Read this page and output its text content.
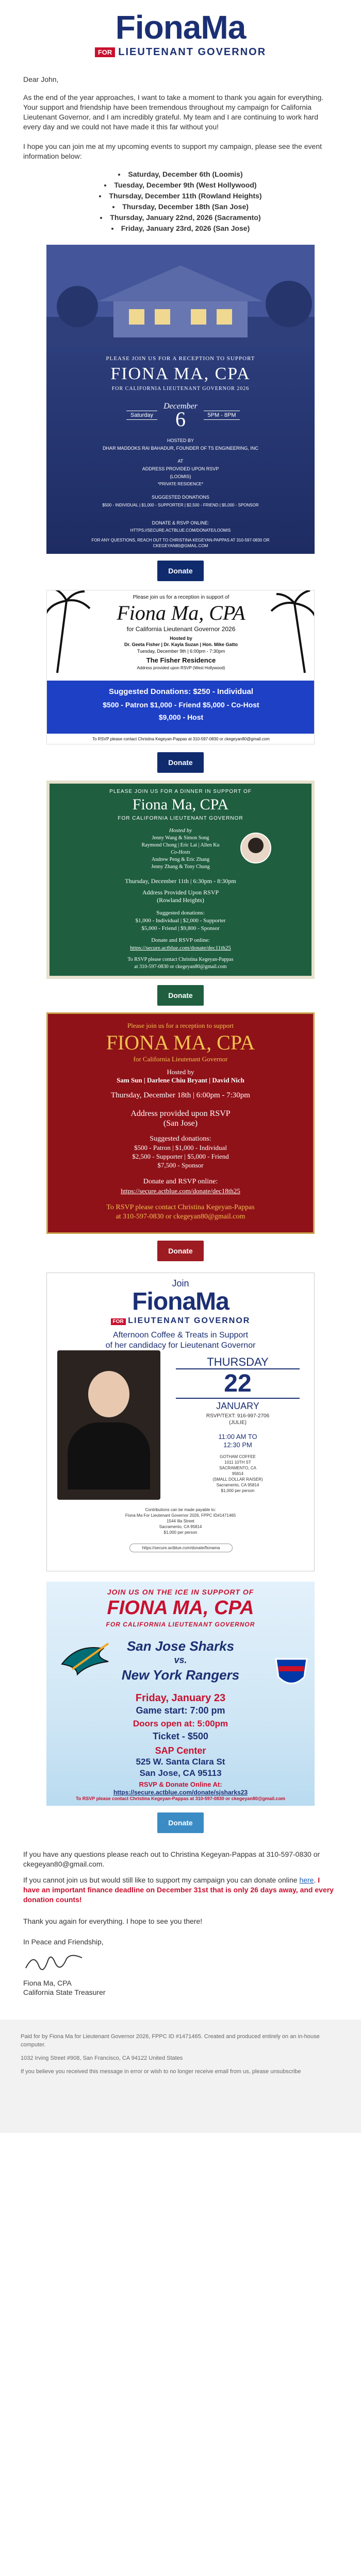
FionaMa
FOR LIEUTENANT GOVERNOR

Dear John,

As the end of the year approaches, I want to take a moment to thank you again for everything. Your support and friendship have been tremendous throughout my campaign for California Lieutenant Governor, and I am incredibly grateful. My team and I are continuing to work hard every day and we could not have made it this far without you!

I hope you can join me at my upcoming events to support my campaign, please see the event information below:

• Saturday, December 6th (Loomis)
• Tuesday, December 9th (West Hollywood)
• Thursday, December 11th (Rowland Heights)
• Thursday, December 18th (San Jose)
• Thursday, January 22nd, 2026 (Sacramento)
• Friday, January 23rd, 2026 (San Jose)
PLEASE JOIN US FOR A RECEPTION TO SUPPORT
FIONA MA, CPA
FOR CALIFORNIA LIEUTENANT GOVERNOR 2026
December
Saturday	6	5PM - 8PM
HOSTED BY
DHAR MADDOKS RAI BAHADUR, FOUNDER OF TS ENGINEERING, INC
AT
ADDRESS PROVIDED UPON RSVP
(LOOMIS)
*PRIVATE RESIDENCE*
SUGGESTED DONATIONS
$500 - INDIVIDUAL | $1,000 - SUPPORTER | $2,500 - FRIEND | $5,000 - SPONSOR
DONATE & RSVP ONLINE:
HTTPS://SECURE.ACTBLUE.COM/DONATE/LOOMIS
FOR ANY QUESTIONS, REACH OUT TO CHRISTINA KEGEYAN-PAPPAS AT 310-597-0830 OR CKEGEYAN80@GMAIL.COM
Donate
Please join us for a reception in support of
Fiona Ma, CPA
for California Lieutenant Governor 2026
Hosted by
Dr. Geeta Fisher | Dr. Kayla Suzan | Hon. Mike Gatto
Tuesday, December 9th | 6:00pm - 7:30pm
The Fisher Residence
Address provided upon RSVP (West Hollywood)
Suggested Donations: $250 - Individual
$500 - Patron $1,000 - Friend $5,000 - Co-Host
$9,000 - Host
To RSVP please contact Christina Kegeyan-Pappas at 310-597-0830 or ckegeyan80@gmail.com
Donate
PLEASE JOIN US FOR A DINNER IN SUPPORT OF
Fiona Ma, CPA
FOR CALIFORNIA LIEUTENANT GOVERNOR
Hosted by
Jenny Wang & Simon Song
Raymond Chong | Eric Lai | Allen Ku
Co-Hosts
Andrew Peng & Eric Zhang
Jenny Zhang & Tony Chung
Thursday, December 11th | 6:30pm - 8:30pm
Address Provided Upon RSVP
(Rowland Heights)
Suggested donations:
$1,000 - Individual | $2,000 - Supporter
$5,000 - Friend | $9,800 - Sponsor
Donate and RSVP online:
https://secure.actblue.com/donate/dec11th25
To RSVP please contact Christina Kegeyan-Pappas
at 310-597-0830 or ckegeyan80@gmail.com
Donate
Please join us for a reception to support
FIONA MA, CPA
for California Lieutenant Governor
Hosted by
Sam Sun | Darlene Chiu Bryant | David Nich
Thursday, December 18th | 6:00pm - 7:30pm
Address provided upon RSVP
(San Jose)
Suggested donations:
$500 - Patron | $1,000 - Individual
$2,500 - Supporter | $5,000 - Friend
$7,500 - Sponsor
Donate and RSVP online:
https://secure.actblue.com/donate/dec18th25
To RSVP please contact Christina Kegeyan-Pappas
at 310-597-0830 or ckegeyan80@gmail.com
Donate
Join
FionaMa
FOR LIEUTENANT GOVERNOR
Afternoon Coffee & Treats in Support
of her candidacy for Lieutenant Governor
THURSDAY
22
JANUARY
RSVP/TEXT: 916-997-2706
(JULIE)
11:00 AM TO
12:30 PM
GOTHAM COFFEE
1011 10TH ST
SACRAMENTO, CA
95814
(SMALL DOLLAR RAISER)
Sacramento, CA 95814
$1,000 per person
Contributions can be made payable to:
Fiona Ma For Lieutenant Governor 2026, FPPC ID#1471465
1544 Illa Street
Sacramento, CA 95814
$1,000 per person
https://secure.actblue.com/donate/fionama
JOIN US ON THE ICE IN SUPPORT OF
FIONA MA, CPA
FOR CALIFORNIA LIEUTENANT GOVERNOR
San Jose Sharks
vs.
New York Rangers
Friday, January 23
Game start: 7:00 pm
Doors open at: 5:00pm
Ticket - $500
SAP Center
525 W. Santa Clara St
San Jose, CA 95113
RSVP & Donate Online At:
https://secure.actblue.com/donate/sjsharks23
To RSVP please contact Christina Kegeyan-Pappas at 310-597-0830 or ckegeyan80@gmail.com
Donate

If you have any questions please reach out to Christina Kegeyan-Pappas at 310-597-0830 or ckegeyan80@gmail.com.

If you cannot join us but would still like to support my campaign you can donate online here. I have an important finance deadline on December 31st that is only 26 days away, and every donation counts!

Thank you again for everything. I hope to see you there!

In Peace and Friendship,

Fiona Ma, CPA

California State Treasurer

Paid for by Fiona Ma for Lieutenant Governor 2026, FPPC ID #1471465. Created and produced entirely on an in-house computer.

1032 Irving Street #908, San Francisco, CA 94122 United States

If you believe you received this message in error or wish to no longer receive email from us, please unsubscribe
